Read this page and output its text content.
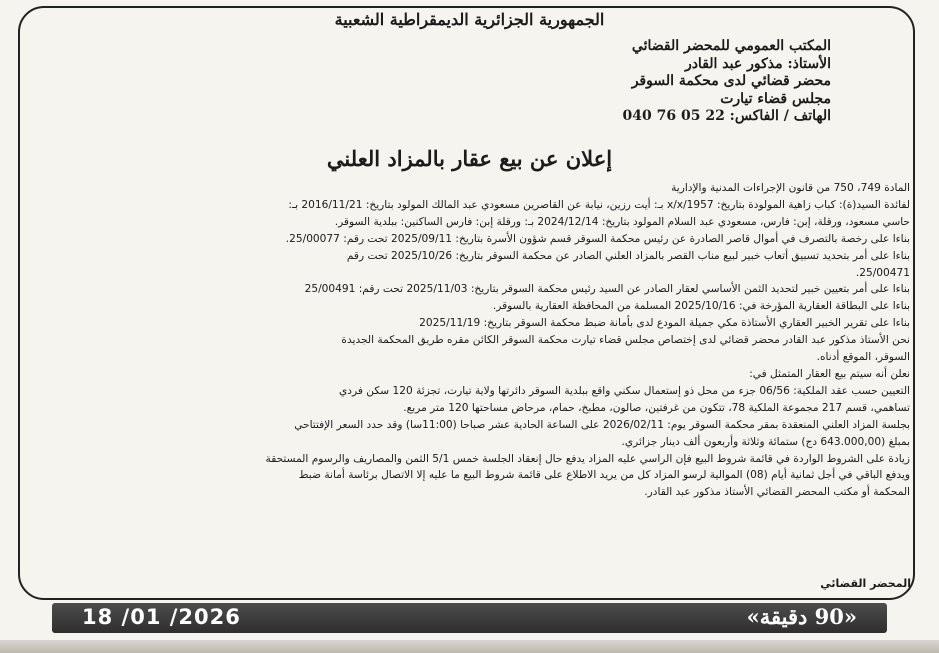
الجمهورية الجزائرية الديمقراطية الشعبية
المكتب العمومي للمحضر القضائي
الأستاذ: مذكور عبد القادر
محضر قضائي لدى محكمة السوقر
مجلس قضاء تيارت
الهاتف / الفاكس: 22 05 76 040
إعلان عن بيع عقار بالمزاد العلني

المادة 749، 750 من قانون الإجراءات المدنية والإدارية

لفائدة السيد(ة): كباب زاهية المولودة بتاريخ: 1957/x/x بـ: أيت رزين، نيابة عن القاصرين مسعودي عبد المالك المولود بتاريخ: 2016/11/21 بـ:

حاسي مسعود، ورقلة، إبن: فارس، مسعودي عبد السلام المولود بتاريخ: 2024/12/14 بـ: ورقلة إبن: فارس الساكنين: ببلدية السوقر.

بناءا على رخصة بالتصرف في أموال قاصر الصادرة عن رئيس محكمة السوقر قسم شؤون الأسرة بتاريخ: 2025/09/11 تحت رقم: 25/00077.

بناءا على أمر بتحديد تسبيق أتعاب خبير لبيع مناب القصر بالمزاد العلني الصادر عن محكمة السوقر بتاريخ: 2025/10/26 تحت رقم

25/00471.

بناءا على أمر بتعيين خبير لتحديد الثمن الأساسي لعقار الصادر عن السيد رئيس محكمة السوقر بتاريخ: 2025/11/03 تحت رقم: 25/00491

بناءا على البطاقة العقارية المؤرخة في: 2025/10/16 المسلمة من المحافظة العقارية بالسوقر.

بناءا على تقرير الخبير العقاري الأستاذة مكي جميلة المودع لدى بأمانة ضبط محكمة السوقر بتاريخ: 2025/11/19

نحن الأستاذ مذكور عبد القادر محضر قضائي لدى إختصاص مجلس قضاء تيارت محكمة السوقر الكائن مقره طريق المحكمة الجديدة

السوقر، الموقع أدناه.

نعلن أنه سيتم بيع العقار المتمثل في:

التعيين حسب عقد الملكية: 06/56 جزء من محل ذو إستعمال سكني واقع ببلدية السوقر دائرتها ولاية تيارت، تجزئة 120 سكن فردي

تساهمي، قسم 217 مجموعة الملكية 78، تتكون من غرفتين، صالون، مطبخ، حمام، مرحاض مساحتها 120 متر مربع.

بجلسة المزاد العلني المنعقدة بمقر محكمة السوقر يوم: 2026/02/11 على الساعة الحادية عشر صباحا (11:00سا) وقد حدد السعر الإفتتاحي

بمبلغ (643.000,00 دج) ستمائة وثلاثة وأربعون ألف دينار جزائري.

زيادة على الشروط الواردة في قائمة شروط البيع فإن الراسي عليه المزاد يدفع حال إنعقاد الجلسة خمس 5/1 الثمن والمصاريف والرسوم المستحقة

ويدفع الباقي في أجل ثمانية أيام (08) الموالية لرسو المزاد كل من يريد الاطلاع على قائمة شروط البيع ما عليه إلا الاتصال برئاسة أمانة ضبط

المحكمة أو مكتب المحضر القضائي الأستاذ مذكور عبد القادر.

المحضر القضائي
18 /01 /2026	«90 دقيقة»
